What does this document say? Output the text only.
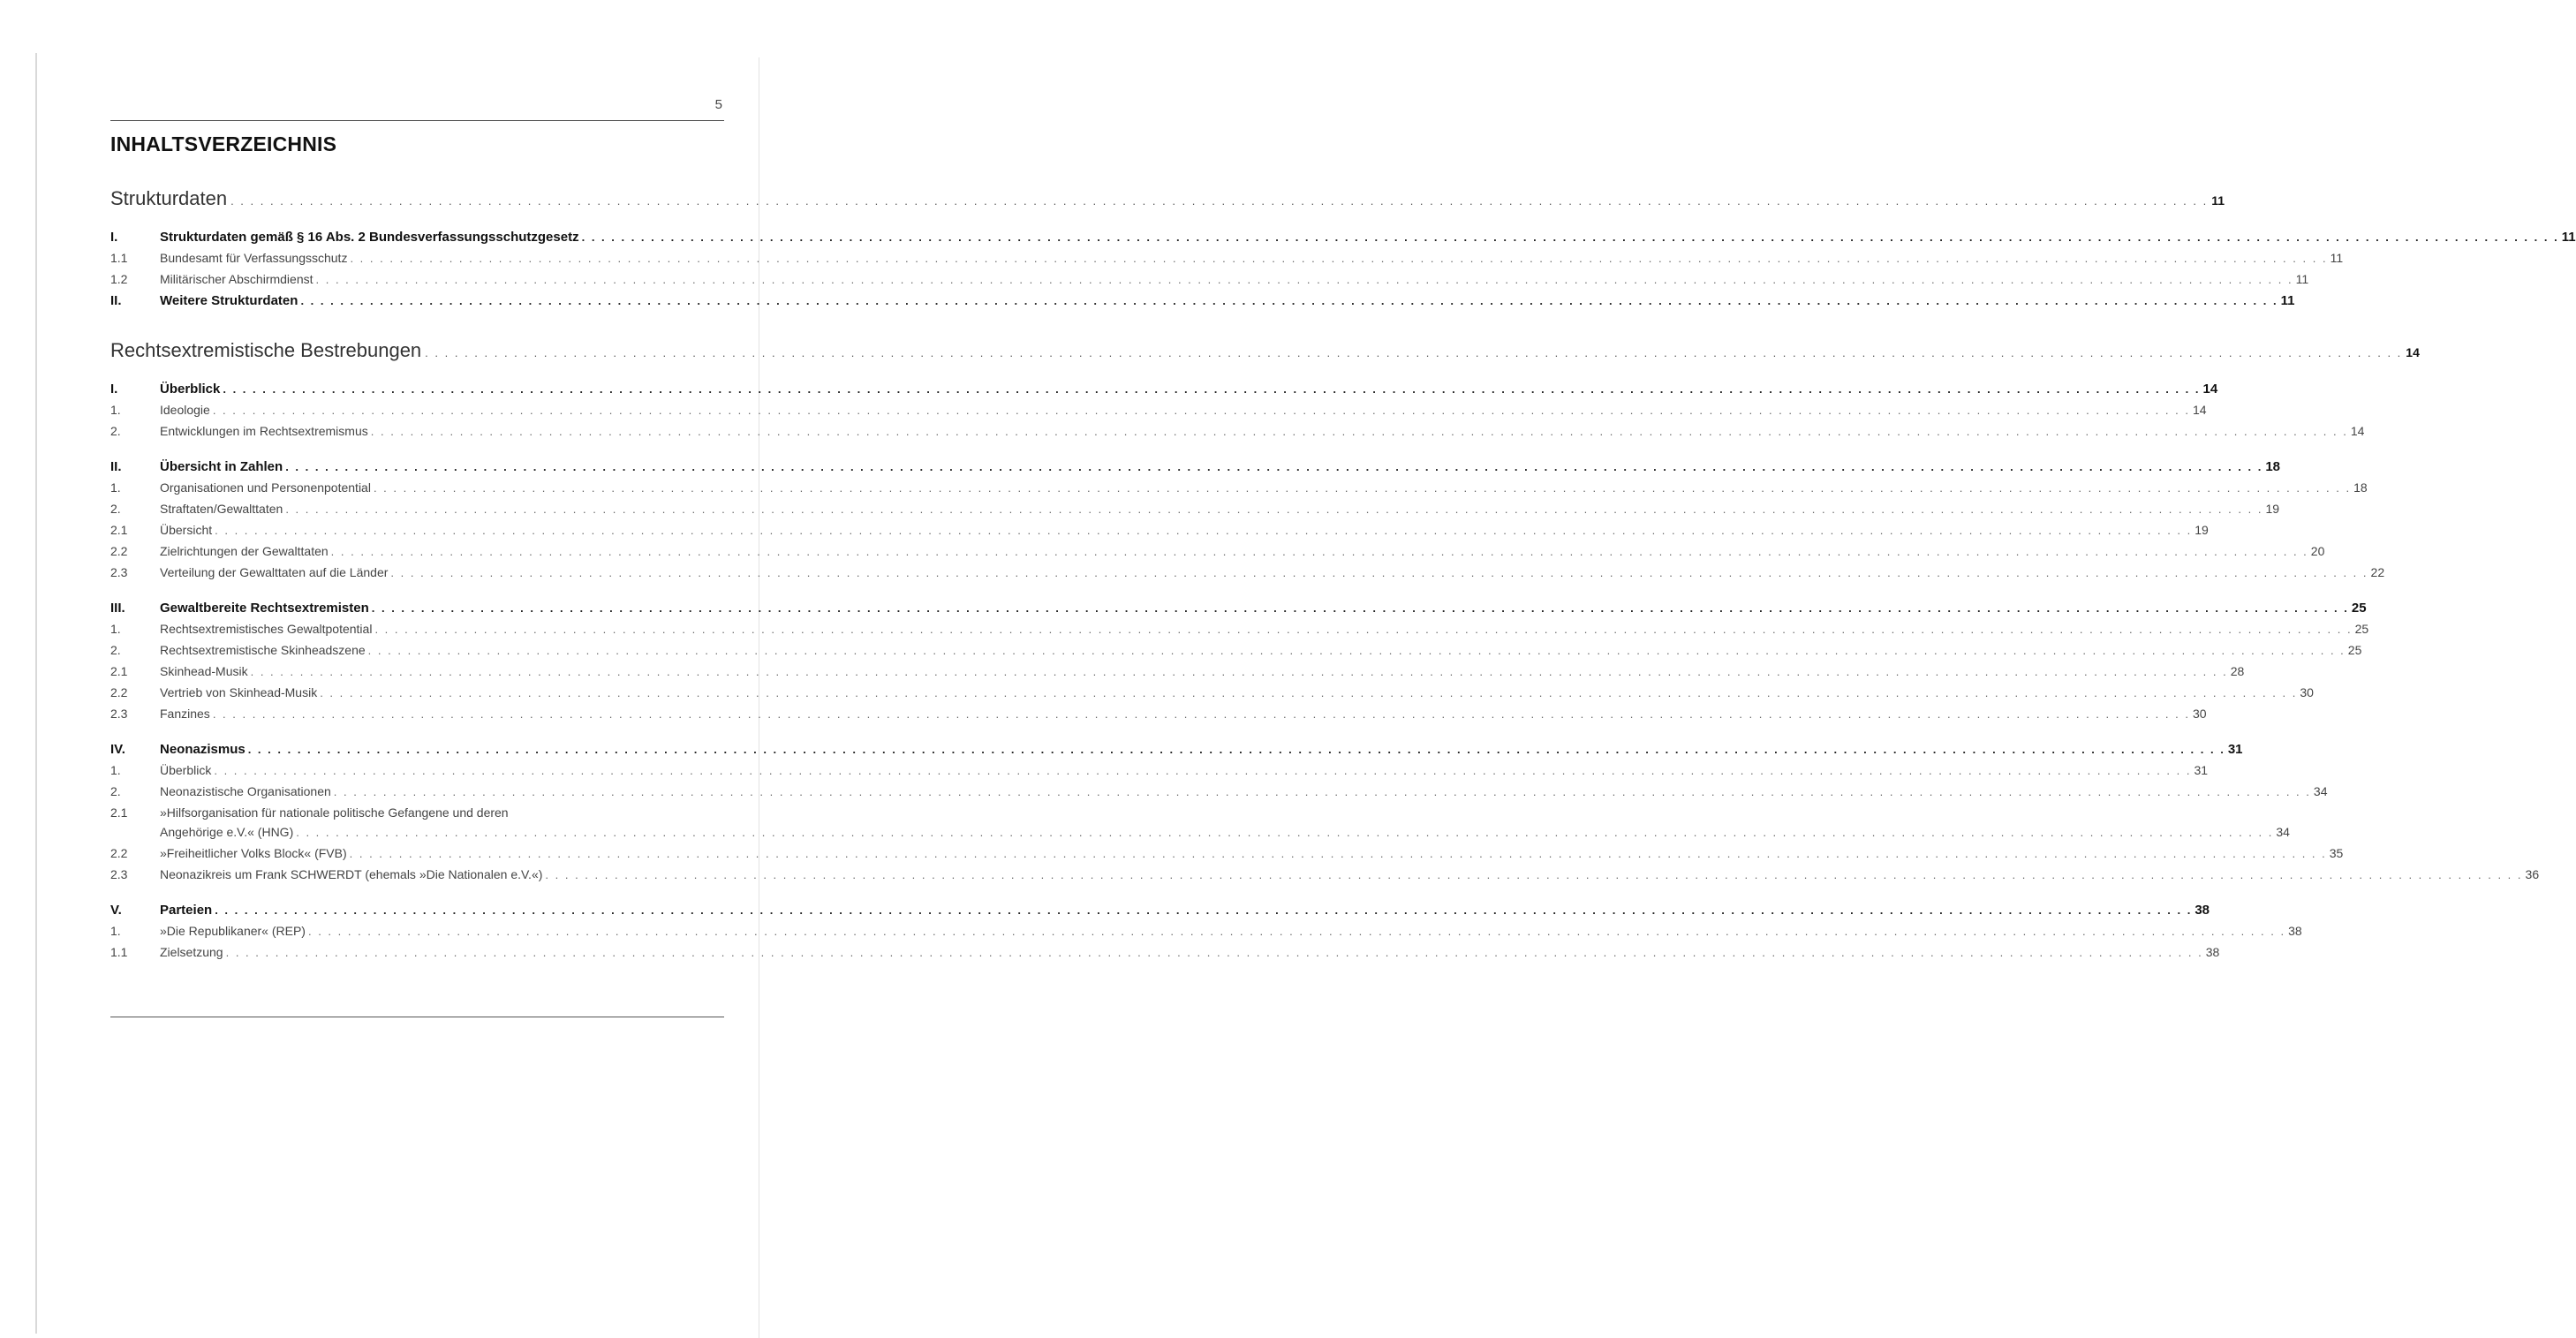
5
INHALTSVERZEICHNIS
Strukturdaten . . . . . . . . . . . . . . . . . . . . . . . . . . . . . . . . . . . . . . . . . . . . . . . . . . . . . . . . . . . . . . . . . . . . . . . . . . . . . . . . . . . . . . . . . . . . . . . . . . . . . . . . . . . . . . . . . . . . . . . . . . . . . . . . . . . . . . . . . . . . . . . . . . . . . . . . . . . . . . . . . . . . . . . . . . . . . . . . . . . . . . . . . . . . . . . . . . . . . . . . 11
I.	Strukturdaten gemäß § 16 Abs. 2 Bundesverfassungsschutzgesetz . . . . . . . . . . . . . . . . . . . . . . . . . . . . . . . . . . . . . . . . . . . . . . . . . . . . . . . . . . . . . . . . . . . . . . . . . . . . . . . . . . . . . . . . . . . . . . . . . . . . . . . . . . . . . . . . . . . . . . . . . . . . . . . . . . . . . . . . . . . . . . . . . . . . . . . . . . . . . . . . . . . . . . . . . . . . . . . . . . . . . . . . . . . . . . . . . . . . . . . . 11
1.1	Bundesamt für Verfassungsschutz . . . . . . . . . . . . . . . . . . . . . . . . . . . . . . . . . . . . . . . . . . . . . . . . . . . . . . . . . . . . . . . . . . . . . . . . . . . . . . . . . . . . . . . . . . . . . . . . . . . . . . . . . . . . . . . . . . . . . . . . . . . . . . . . . . . . . . . . . . . . . . . . . . . . . . . . . . . . . . . . . . . . . . . . . . . . . . . . . . . . . . . . . . . . . . . . . . . . . . . . 11
1.2	Militärischer Abschirmdienst . . . . . . . . . . . . . . . . . . . . . . . . . . . . . . . . . . . . . . . . . . . . . . . . . . . . . . . . . . . . . . . . . . . . . . . . . . . . . . . . . . . . . . . . . . . . . . . . . . . . . . . . . . . . . . . . . . . . . . . . . . . . . . . . . . . . . . . . . . . . . . . . . . . . . . . . . . . . . . . . . . . . . . . . . . . . . . . . . . . . . . . . . . . . . . . . . . . . . . . . 11
II.	Weitere Strukturdaten . . . . . . . . . . . . . . . . . . . . . . . . . . . . . . . . . . . . . . . . . . . . . . . . . . . . . . . . . . . . . . . . . . . . . . . . . . . . . . . . . . . . . . . . . . . . . . . . . . . . . . . . . . . . . . . . . . . . . . . . . . . . . . . . . . . . . . . . . . . . . . . . . . . . . . . . . . . . . . . . . . . . . . . . . . . . . . . . . . . . . . . . . . . . . . . . . . . . . . . . 11
Rechtsextremistische Bestrebungen . . . . . . . . . . . . . . . . . . . . . . . . . . . . . . . . . . . . . . . . . . . . . . . . . . . . . . . . . . . . . . . . . . . . . . . . . . . . . . . . . . . . . . . . . . . . . . . . . . . . . . . . . . . . . . . . . . . . . . . . . . . . . . . . . . . . . . . . . . . . . . . . . . . . . . . . . . . . . . . . . . . . . . . . . . . . . . . . . . . . . . . . . . . . . . . . . . . . . . . . 14
I.	Überblick . . . . . . . . . . . . . . . . . . . . . . . . . . . . . . . . . . . . . . . . . . . . . . . . . . . . . . . . . . . . . . . . . . . . . . . . . . . . . . . . . . . . . . . . . . . . . . . . . . . . . . . . . . . . . . . . . . . . . . . . . . . . . . . . . . . . . . . . . . . . . . . . . . . . . . . . . . . . . . . . . . . . . . . . . . . . . . . . . . . . . . . . . . . . . . . . . . . . . . . . 14
1.	Ideologie . . . . . . . . . . . . . . . . . . . . . . . . . . . . . . . . . . . . . . . . . . . . . . . . . . . . . . . . . . . . . . . . . . . . . . . . . . . . . . . . . . . . . . . . . . . . . . . . . . . . . . . . . . . . . . . . . . . . . . . . . . . . . . . . . . . . . . . . . . . . . . . . . . . . . . . . . . . . . . . . . . . . . . . . . . . . . . . . . . . . . . . . . . . . . . . . . . . . . . . . 14
2.	Entwicklungen im Rechtsextremismus . . . . . . . . . . . . . . . . . . . . . . . . . . . . . . . . . . . . . . . . . . . . . . . . . . . . . . . . . . . . . . . . . . . . . . . . . . . . . . . . . . . . . . . . . . . . . . . . . . . . . . . . . . . . . . . . . . . . . . . . . . . . . . . . . . . . . . . . . . . . . . . . . . . . . . . . . . . . . . . . . . . . . . . . . . . . . . . . . . . . . . . . . . . . . . . . . . . . . . . . 14
II.	Übersicht in Zahlen . . . . . . . . . . . . . . . . . . . . . . . . . . . . . . . . . . . . . . . . . . . . . . . . . . . . . . . . . . . . . . . . . . . . . . . . . . . . . . . . . . . . . . . . . . . . . . . . . . . . . . . . . . . . . . . . . . . . . . . . . . . . . . . . . . . . . . . . . . . . . . . . . . . . . . . . . . . . . . . . . . . . . . . . . . . . . . . . . . . . . . . . . . . . . . . . . . . . . . . . 18
1.	Organisationen und Personenpotential . . . . . . . . . . . . . . . . . . . . . . . . . . . . . . . . . . . . . . . . . . . . . . . . . . . . . . . . . . . . . . . . . . . . . . . . . . . . . . . . . . . . . . . . . . . . . . . . . . . . . . . . . . . . . . . . . . . . . . . . . . . . . . . . . . . . . . . . . . . . . . . . . . . . . . . . . . . . . . . . . . . . . . . . . . . . . . . . . . . . . . . . . . . . . . . . . . . . . . . . 18
2.	Straftaten/Gewalttaten . . . . . . . . . . . . . . . . . . . . . . . . . . . . . . . . . . . . . . . . . . . . . . . . . . . . . . . . . . . . . . . . . . . . . . . . . . . . . . . . . . . . . . . . . . . . . . . . . . . . . . . . . . . . . . . . . . . . . . . . . . . . . . . . . . . . . . . . . . . . . . . . . . . . . . . . . . . . . . . . . . . . . . . . . . . . . . . . . . . . . . . . . . . . . . . . . . . . . . . . 19
2.1	Übersicht . . . . . . . . . . . . . . . . . . . . . . . . . . . . . . . . . . . . . . . . . . . . . . . . . . . . . . . . . . . . . . . . . . . . . . . . . . . . . . . . . . . . . . . . . . . . . . . . . . . . . . . . . . . . . . . . . . . . . . . . . . . . . . . . . . . . . . . . . . . . . . . . . . . . . . . . . . . . . . . . . . . . . . . . . . . . . . . . . . . . . . . . . . . . . . . . . . . . . . . . 19
2.2	Zielrichtungen der Gewalttaten . . . . . . . . . . . . . . . . . . . . . . . . . . . . . . . . . . . . . . . . . . . . . . . . . . . . . . . . . . . . . . . . . . . . . . . . . . . . . . . . . . . . . . . . . . . . . . . . . . . . . . . . . . . . . . . . . . . . . . . . . . . . . . . . . . . . . . . . . . . . . . . . . . . . . . . . . . . . . . . . . . . . . . . . . . . . . . . . . . . . . . . . . . . . . . . . . . . . . . . . 20
2.3	Verteilung der Gewalttaten auf die Länder . . . . . . . . . . . . . . . . . . . . . . . . . . . . . . . . . . . . . . . . . . . . . . . . . . . . . . . . . . . . . . . . . . . . . . . . . . . . . . . . . . . . . . . . . . . . . . . . . . . . . . . . . . . . . . . . . . . . . . . . . . . . . . . . . . . . . . . . . . . . . . . . . . . . . . . . . . . . . . . . . . . . . . . . . . . . . . . . . . . . . . . . . . . . . . . . . . . . . . . . 22
III.	Gewaltbereite Rechtsextremisten . . . . . . . . . . . . . . . . . . . . . . . . . . . . . . . . . . . . . . . . . . . . . . . . . . . . . . . . . . . . . . . . . . . . . . . . . . . . . . . . . . . . . . . . . . . . . . . . . . . . . . . . . . . . . . . . . . . . . . . . . . . . . . . . . . . . . . . . . . . . . . . . . . . . . . . . . . . . . . . . . . . . . . . . . . . . . . . . . . . . . . . . . . . . . . . . . . . . . . . . 25
1.	Rechtsextremistisches Gewaltpotential . . . . . . . . . . . . . . . . . . . . . . . . . . . . . . . . . . . . . . . . . . . . . . . . . . . . . . . . . . . . . . . . . . . . . . . . . . . . . . . . . . . . . . . . . . . . . . . . . . . . . . . . . . . . . . . . . . . . . . . . . . . . . . . . . . . . . . . . . . . . . . . . . . . . . . . . . . . . . . . . . . . . . . . . . . . . . . . . . . . . . . . . . . . . . . . . . . . . . . . . 25
2.	Rechtsextremistische Skinheadszene . . . . . . . . . . . . . . . . . . . . . . . . . . . . . . . . . . . . . . . . . . . . . . . . . . . . . . . . . . . . . . . . . . . . . . . . . . . . . . . . . . . . . . . . . . . . . . . . . . . . . . . . . . . . . . . . . . . . . . . . . . . . . . . . . . . . . . . . . . . . . . . . . . . . . . . . . . . . . . . . . . . . . . . . . . . . . . . . . . . . . . . . . . . . . . . . . . . . . . . . 25
2.1	Skinhead-Musik . . . . . . . . . . . . . . . . . . . . . . . . . . . . . . . . . . . . . . . . . . . . . . . . . . . . . . . . . . . . . . . . . . . . . . . . . . . . . . . . . . . . . . . . . . . . . . . . . . . . . . . . . . . . . . . . . . . . . . . . . . . . . . . . . . . . . . . . . . . . . . . . . . . . . . . . . . . . . . . . . . . . . . . . . . . . . . . . . . . . . . . . . . . . . . . . . . . . . . . . 28
2.2	Vertrieb von Skinhead-Musik . . . . . . . . . . . . . . . . . . . . . . . . . . . . . . . . . . . . . . . . . . . . . . . . . . . . . . . . . . . . . . . . . . . . . . . . . . . . . . . . . . . . . . . . . . . . . . . . . . . . . . . . . . . . . . . . . . . . . . . . . . . . . . . . . . . . . . . . . . . . . . . . . . . . . . . . . . . . . . . . . . . . . . . . . . . . . . . . . . . . . . . . . . . . . . . . . . . . . . . . 30
2.3	Fanzines . . . . . . . . . . . . . . . . . . . . . . . . . . . . . . . . . . . . . . . . . . . . . . . . . . . . . . . . . . . . . . . . . . . . . . . . . . . . . . . . . . . . . . . . . . . . . . . . . . . . . . . . . . . . . . . . . . . . . . . . . . . . . . . . . . . . . . . . . . . . . . . . . . . . . . . . . . . . . . . . . . . . . . . . . . . . . . . . . . . . . . . . . . . . . . . . . . . . . . . . 30
IV.	Neonazismus . . . . . . . . . . . . . . . . . . . . . . . . . . . . . . . . . . . . . . . . . . . . . . . . . . . . . . . . . . . . . . . . . . . . . . . . . . . . . . . . . . . . . . . . . . . . . . . . . . . . . . . . . . . . . . . . . . . . . . . . . . . . . . . . . . . . . . . . . . . . . . . . . . . . . . . . . . . . . . . . . . . . . . . . . . . . . . . . . . . . . . . . . . . . . . . . . . . . . . . . 31
1.	Überblick . . . . . . . . . . . . . . . . . . . . . . . . . . . . . . . . . . . . . . . . . . . . . . . . . . . . . . . . . . . . . . . . . . . . . . . . . . . . . . . . . . . . . . . . . . . . . . . . . . . . . . . . . . . . . . . . . . . . . . . . . . . . . . . . . . . . . . . . . . . . . . . . . . . . . . . . . . . . . . . . . . . . . . . . . . . . . . . . . . . . . . . . . . . . . . . . . . . . . . . . 31
2.	Neonazistische Organisationen . . . . . . . . . . . . . . . . . . . . . . . . . . . . . . . . . . . . . . . . . . . . . . . . . . . . . . . . . . . . . . . . . . . . . . . . . . . . . . . . . . . . . . . . . . . . . . . . . . . . . . . . . . . . . . . . . . . . . . . . . . . . . . . . . . . . . . . . . . . . . . . . . . . . . . . . . . . . . . . . . . . . . . . . . . . . . . . . . . . . . . . . . . . . . . . . . . . . . . . . 34
2.1	»Hilfsorganisation für nationale politische Gefangene und deren
Angehörige e.V.« (HNG) . . . . . . . . . . . . . . . . . . . . . . . . . . . . . . . . . . . . . . . . . . . . . . . . . . . . . . . . . . . . . . . . . . . . . . . . . . . . . . . . . . . . . . . . . . . . . . . . . . . . . . . . . . . . . . . . . . . . . . . . . . . . . . . . . . . . . . . . . . . . . . . . . . . . . . . . . . . . . . . . . . . . . . . . . . . . . . . . . . . . . . . . . . . . . . . . . . . . . . . . 34
2.2	»Freiheitlicher Volks Block« (FVB) . . . . . . . . . . . . . . . . . . . . . . . . . . . . . . . . . . . . . . . . . . . . . . . . . . . . . . . . . . . . . . . . . . . . . . . . . . . . . . . . . . . . . . . . . . . . . . . . . . . . . . . . . . . . . . . . . . . . . . . . . . . . . . . . . . . . . . . . . . . . . . . . . . . . . . . . . . . . . . . . . . . . . . . . . . . . . . . . . . . . . . . . . . . . . . . . . . . . . . . . 35
2.3	Neonazikreis um Frank SCHWERDT (ehemals »Die Nationalen e.V.«) . . . . . . . . . . . . . . . . . . . . . . . . . . . . . . . . . . . . . . . . . . . . . . . . . . . . . . . . . . . . . . . . . . . . . . . . . . . . . . . . . . . . . . . . . . . . . . . . . . . . . . . . . . . . . . . . . . . . . . . . . . . . . . . . . . . . . . . . . . . . . . . . . . . . . . . . . . . . . . . . . . . . . . . . . . . . . . . . . . . . . . . . . . . . . . . . . . . . . . . . 36
V.	Parteien . . . . . . . . . . . . . . . . . . . . . . . . . . . . . . . . . . . . . . . . . . . . . . . . . . . . . . . . . . . . . . . . . . . . . . . . . . . . . . . . . . . . . . . . . . . . . . . . . . . . . . . . . . . . . . . . . . . . . . . . . . . . . . . . . . . . . . . . . . . . . . . . . . . . . . . . . . . . . . . . . . . . . . . . . . . . . . . . . . . . . . . . . . . . . . . . . . . . . . . . 38
1.	»Die Republikaner« (REP) . . . . . . . . . . . . . . . . . . . . . . . . . . . . . . . . . . . . . . . . . . . . . . . . . . . . . . . . . . . . . . . . . . . . . . . . . . . . . . . . . . . . . . . . . . . . . . . . . . . . . . . . . . . . . . . . . . . . . . . . . . . . . . . . . . . . . . . . . . . . . . . . . . . . . . . . . . . . . . . . . . . . . . . . . . . . . . . . . . . . . . . . . . . . . . . . . . . . . . . . 38
1.1	Zielsetzung . . . . . . . . . . . . . . . . . . . . . . . . . . . . . . . . . . . . . . . . . . . . . . . . . . . . . . . . . . . . . . . . . . . . . . . . . . . . . . . . . . . . . . . . . . . . . . . . . . . . . . . . . . . . . . . . . . . . . . . . . . . . . . . . . . . . . . . . . . . . . . . . . . . . . . . . . . . . . . . . . . . . . . . . . . . . . . . . . . . . . . . . . . . . . . . . . . . . . . . . 38
